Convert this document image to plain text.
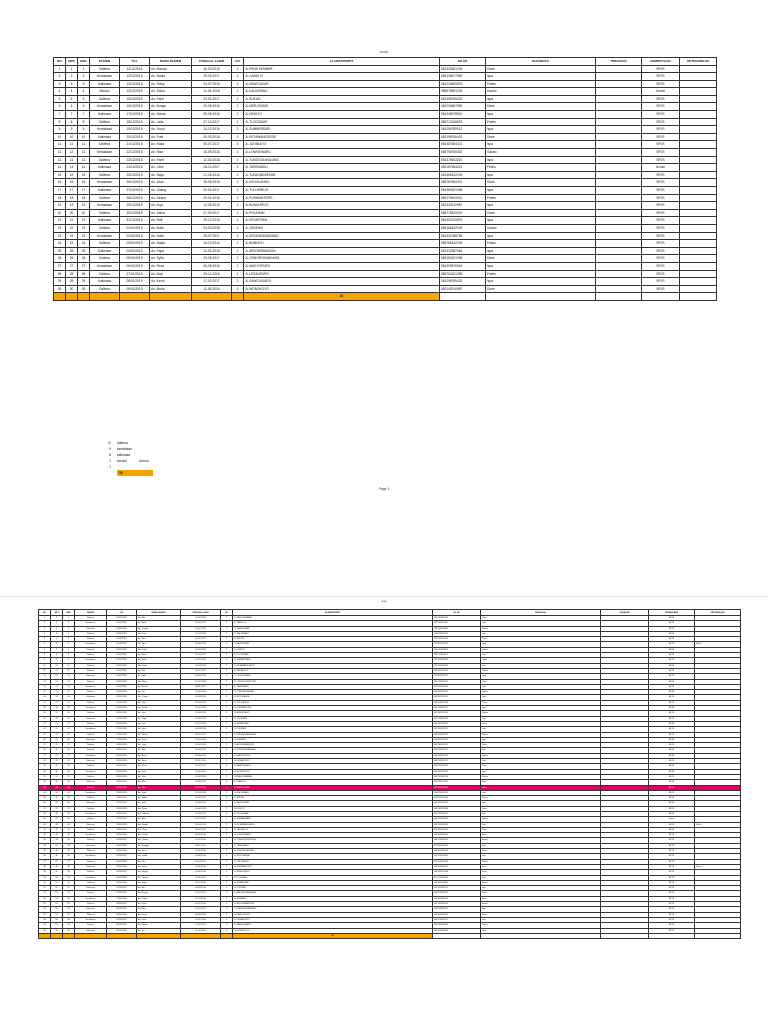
anak
NO	NPS	REK	PASIEN	TGL	NAMA PASIEN	TANGGAL LAHIR	UO	ALAMAT/RW/RT	NO HP	DIAGNOSA	TINDAKAN	PEMBIAYAAN	KETERANGAN
1	1	1	Dallena	12/11/2018	An. Ahmad	16-03-2018	2	JL.PANJI KEMBAR	081332661234	Diare		BPJS	
2	2	2	Kendalsari	12/12/2018	An. Nadia	19-05-2017	2	JL.CANDI IV	082145677890	Ispa		BPJS	
3	3	3	Kalimasa	13/12/2018	An. Rizky	24-07-2016	2	JL.SAWOJAJAR	081234509876	Febris		BPJS	
4	4	4	Bendul	14/12/2018	An. Salsa	11-04-2018	2	JL.KALIURANG	085678901234	Gastro		Umum	
5	5	5	Dallena	15/12/2018	An. Fahri	03-01-2017	2	JL.SUKUN	081398765432	Ispa		BPJS	
6	6	6	Kendalsari	16/12/2018	An. Bunga	22-08-2016	2	JL.MERJOSARI	082234567890	Diare		BPJS	
7	7	7	Kalimasa	17/12/2018	An. Dimas	09-06-2018	2	JL.DINOYO	081345678901	Ispa		BPJS	
8	8	8	Dallena	18/12/2018	An. Laila	27-10-2017	2	JL.TLOGOMAS	085712345678	Febris		BPJS	
9	9	9	Kendalsari	19/12/2018	An. Yusuf	14-12-2016	2	JL.SUMBERSARI	081256789012	Ispa		BPJS	
10	10	10	Kalimasa	20/12/2018	An. Putri	30-03-2018	2	JL.KETAWANGGEDE	082198765432	Diare		BPJS	
11	11	11	Dallena	21/12/2018	An. Raka	05-07-2017	2	JL.JATIMULYO	081387654321	Ispa		BPJS	
12	12	12	Kendalsari	22/12/2018	An. Nisa	18-09-2016	2	JL.LOWOKWARU	085798765432	Gastro		BPJS	
13	13	13	Dallena	23/12/2018	An. Farel	12-02-2018	2	JL.TUNGGULWULUNG	081376543210	Ispa		BPJS	
14	14	14	Kalimasa	24/12/2018	An. Citra	08-11-2017	2	JL.TASIKMADU	082187654321	Febris		Umum	
15	15	15	Dallena	25/12/2018	An. Bayu	21-05-2016	2	JL.TUNJUNGSEKAR	081365432109	Ispa		BPJS	
16	16	16	Kendalsari	26/12/2018	An. Intan	16-08-2018	2	JL.MOJOLANGU	085787654321	Diare		BPJS	
17	17	17	Kalimasa	27/12/2018	An. Gilang	02-04-2017	2	JL.TULUSREJO	081354321098	Ispa		BPJS	
18	18	18	Dallena	28/12/2018	An. Kirana	25-01-2016	2	JL.PURWANTORO	082176543210	Febris		BPJS	
19	19	19	Kendalsari	29/12/2018	An. Arya	13-06-2018	2	JL.BUNULREJO	081343210987	Ispa		BPJS	
20	20	20	Dallena	30/12/2018	An. Zahra	07-09-2017	2	JL.POLEHAN	085776543210	Diare		BPJS	
21	21	21	Kalimasa	31/12/2018	An. Rafi	19-12-2016	2	JL.KESATRIAN	081332109876	Ispa		BPJS	
22	22	22	Dallena	01/01/2019	An. Aulia	04-03-2018	2	JL.JODIPAN	082165432109	Gastro		BPJS	
23	23	23	Kendalsari	02/01/2019	An. Hafiz	28-07-2017	2	JL.KEDUNGKANDANG	081321098765	Ispa		BPJS	
24	24	24	Dallena	03/01/2019	An. Nayla	15-10-2016	2	JL.BUMIAYU	085765432109	Febris		BPJS	
25	25	25	Kalimasa	04/01/2019	An. Fajar	10-01-2018	2	JL.ARJOWINANGUN	081310987654	Ispa		BPJS	
26	26	26	Dallena	05/01/2019	An. Syifa	23-05-2017	2	JL.CEMOROKANDANG	082154321098	Diare		BPJS	
27	27	27	Kendalsari	06/01/2019	An. Reza	06-08-2016	2	JL.MADYOPURO	081309876543	Ispa		BPJS	
28	28	28	Dallena	07/01/2019	An. Alya	29-11-2018	2	JL.LESANPURO	085754321098	Febris		BPJS	
29	29	29	Kalimasa	08/01/2019	An. Kevin	17-02-2017	2	JL.SAWOJAJAR II	081298765432	Ispa		BPJS	
30	30	30	Dallena	09/01/2019	An. Mutia	11-06-2016	2	JL.WONOKOYO	082143210987	Diare		BPJS	
								30					
11 dallena
9 kendalsari
8 kalimasa
1 bendul	Umum
1
30
Page 1
anak
NO	NPS	REK	PASIEN	TGL	NAMA PASIEN	TANGGAL LAHIR	UO	ALAMAT/RW/RT	NO HP	DIAGNOSA	TINDAKAN	PEMBIAYAAN	KETERANGAN
1	1	1	Dallena	10/01/2019	An. Adit	14-02-2018	2	JL.PANJI KEMBAR	081332661200	Diare		BPJS	
2	2	2	Kendalsari	10/01/2019	An. Bella	22-05-2017	2	JL.CANDI IV	082145677801	Ispa		BPJS	
3	3	3	Kalimasa	10/01/2019	An. Candra	09-07-2016	2	JL.SAWOJAJAR	081234509802	Febris		BPJS	
4	4	4	Dallena	11/01/2019	An. Dewi	17-04-2018	2	JL.KALIURANG	085678901203	Ispa		BPJS	
5	5	5	Dallena	11/01/2019	An. Eko	01-01-2017	2	JL.SUKUN	081398765404	Diare		BPJS	
6	6	6	Kendalsari	11/01/2019	An. Fina	25-08-2016	2	JL.MERJOSARI	082234567805	Ispa		BPJS	Rujuk
7	7	7	Kalimasa	12/01/2019	An. Galih	10-06-2018	2	JL.DINOYO	081345678906	Febris		BPJS	
8	8	8	Dallena	12/01/2019	An. Hana	27-10-2017	2	JL.TLOGOMAS	085712345607	Ispa		BPJS	
9	9	9	Kendalsari	12/01/2019	An. Ilham	14-12-2016	2	JL.SUMBERSARI	081256789008	Diare		BPJS	
10	10	10	Dallena	13/01/2019	An. Jihan	30-03-2018	2	JL.KETAWANGGEDE	082198765409	Ispa		BPJS	
11	11	11	Dallena	13/01/2019	An. Kiki	05-07-2017	2	JL.JATIMULYO	081387654310	Febris		BPJS	
12	12	12	Kalimasa	13/01/2019	An. Lutfi	18-09-2016	2	JL.LOWOKWARU	085798765411	Ispa		BPJS	
13	13	13	Dallena	14/01/2019	An. Maya	12-02-2018	2	JL.TUNGGULWULUNG	081376543212	Diare		BPJS	
14	14	14	Kendalsari	14/01/2019	An. Naufal	08-11-2017	2	JL.TASIKMADU	082187654313	Ispa		BPJS	
15	15	15	Dallena	14/01/2019	An. Oki	21-05-2016	2	JL.TUNJUNGSEKAR	081365432114	Febris		BPJS	
16	16	16	Kalimasa	15/01/2019	An. Puspa	16-08-2018	2	JL.MOJOLANGU	085787654315	Ispa		BPJS	
17	17	17	Dallena	15/01/2019	An. Qori	02-04-2017	2	JL.TULUSREJO	081354321016	Diare		BPJS	
18	18	18	Kendalsari	15/01/2019	An. Rendi	25-01-2016	2	JL.PURWANTORO	082176543217	Ispa		BPJS	
19	19	19	Dallena	16/01/2019	An. Sari	13-06-2018	2	JL.BUNULREJO	081343210918	Febris		BPJS	
20	20	20	Kalimasa	16/01/2019	An. Tegar	07-09-2017	2	JL.POLEHAN	085776543219	Ispa		BPJS	
21	21	21	Dallena	16/01/2019	An. Umi	19-12-2016	2	JL.KESATRIAN	081332109820	Diare		BPJS	
22	22	22	Kendalsari	17/01/2019	An. Vino	04-03-2018	2	JL.JODIPAN	082165432121	Ispa		BPJS	
23	23	23	Dallena	17/01/2019	An. Wulan	28-07-2017	2	JL.KEDUNGKANDANG	081321098722	Febris		BPJS	
24	24	24	Kalimasa	17/01/2019	An. Xena	15-10-2016	2	JL.BUMIAYU	085765432123	Ispa		BPJS	
25	25	25	Dallena	18/01/2019	An. Yoga	10-01-2018	2	JL.ARJOWINANGUN	081310987624	Diare		BPJS	
26	26	26	Dallena	18/01/2019	An. Zaki	23-05-2017	2	JL.CEMOROKANDANG	082154321025	Ispa		BPJS	
27	27	27	Kendalsari	18/01/2019	An. Anisa	06-08-2016	2	JL.MADYOPURO	081309876526	Febris		BPJS	
28	28	28	Kalimasa	19/01/2019	An. Bima	29-11-2018	2	JL.LESANPURO	085754321027	Ispa		BPJS	
29	29	29	Dallena	19/01/2019	An. Cinta	17-02-2017	2	JL.SAWOJAJAR II	081298765428	Diare		BPJS	
30	30	30	Kendalsari	19/01/2019	An. Doni	11-06-2016	2	JL.WONOKOYO	082143210929	Ispa		BPJS	
31	31	31	Dallena	20/01/2019	An. Elsa	14-02-2018	2	JL.PANJI KEMBAR	081332661230	Febris		BPJS	
32	32	32	Kalimasa	20/01/2019	An. Fikri	22-05-2017	2	JL.CANDI IV	082145677831	Ispa		BPJS	
33	33	33	Dallena	20/01/2019	An. Gita	09-07-2016	2	JL.SAWOJAJAR	081234509832	Diare		BPJS	
34	34	34	Kendalsari	21/01/2019	An. Hadi	17-04-2018	2	JL.KALIURANG	085678901233	Ispa		BPJS	
35	35	35	Dallena	21/01/2019	An. Indah	01-01-2017	2	JL.SUKUN	081398765434	Febris		BPJS	
36	36	36	Kalimasa	21/01/2019	An. Joko	25-08-2016	2	JL.MERJOSARI	082234567835	Ispa		BPJS	
37	37	37	Dallena	22/01/2019	An. Kania	10-06-2018	2	JL.DINOYO	081345678936	Diare		BPJS	
38	38	38	Kendalsari	22/01/2019	An. Lukman	27-10-2017	2	JL.TLOGOMAS	085712345637	Ispa		BPJS	
39	39	39	Dallena	22/01/2019	An. Mira	14-12-2016	2	JL.SUMBERSARI	081256789038	Febris		Umum	
40	40	40	Kalimasa	23/01/2019	An. Nando	30-03-2018	2	JL.KETAWANGGEDE	082198765439	Ispa		BPJS	Rujuk
41	41	41	Dallena	23/01/2019	An. Olivia	05-07-2017	2	JL.JATIMULYO	081387654340	Diare		BPJS	
42	42	42	Kendalsari	23/01/2019	An. Pandu	18-09-2016	2	JL.LOWOKWARU	085798765441	Ispa		BPJS	
43	43	43	Dallena	24/01/2019	An. Qonita	12-02-2018	2	JL.TUNGGULWULUNG	081376543242	Febris		BPJS	
44	44	44	Kalimasa	24/01/2019	An. Rangga	08-11-2017	2	JL.TASIKMADU	082187654343	Ispa		BPJS	
45	45	45	Dallena	24/01/2019	An. Sinta	21-05-2016	2	JL.TUNJUNGSEKAR	081365432144	Diare		BPJS	
46	46	46	Kendalsari	25/01/2019	An. Taufik	16-08-2018	2	JL.MOJOLANGU	085787654345	Ispa		BPJS	
47	47	47	Dallena	25/01/2019	An. Ulfa	02-04-2017	2	JL.TULUSREJO	081354321046	Febris		BPJS	
48	48	48	Kalimasa	25/01/2019	An. Vicky	25-01-2016	2	JL.PURWANTORO	082176543247	Ispa		BPJS	Rujuk
49	49	49	Dallena	26/01/2019	An. Wahyu	13-06-2018	2	JL.BUNULREJO	081343210948	Diare		BPJS	
50	50	50	Kendalsari	26/01/2019	An. Yasmin	07-09-2017	2	JL.POLEHAN	085776543249	Ispa		BPJS	
51	51	51	Dallena	26/01/2019	An. Zidan	19-12-2016	2	JL.KESATRIAN	081332109850	Febris		BPJS	
52	52	52	Kalimasa	27/01/2019	An. Alif	04-03-2018	2	JL.JODIPAN	082165432151	Ispa		BPJS	
53	53	53	Dallena	27/01/2019	An. Bunga	28-07-2017	2	JL.KEDUNGKANDANG	081321098752	Diare		BPJS	
54	54	54	Kendalsari	27/01/2019	An. Cahya	15-10-2016	2	JL.BUMIAYU	085765432153	Ispa		BPJS	
55	55	55	Dallena	28/01/2019	An. Danu	10-01-2018	2	JL.ARJOWINANGUN	081310987654	Febris		BPJS	
56	56	56	Kalimasa	28/01/2019	An. Erlin	23-05-2017	2	JL.CEMOROKANDANG	082154321055	Ispa		BPJS	
57	57	57	Dallena	28/01/2019	An. Fauzi	06-08-2016	2	JL.MADYOPURO	081309876556	Diare		BPJS	
58	58	58	Kendalsari	29/01/2019	An. Gina	29-11-2018	2	JL.LESANPURO	085754321057	Ispa		BPJS	
59	59	59	Dallena	29/01/2019	An. Hasan	17-02-2017	2	JL.SAWOJAJAR II	081298765458	Febris		BPJS	
60	60	60	Kalimasa	29/01/2019	An. Ika	11-06-2016	2	JL.WONOKOYO	082143210959	Ispa		BPJS	
								60					
